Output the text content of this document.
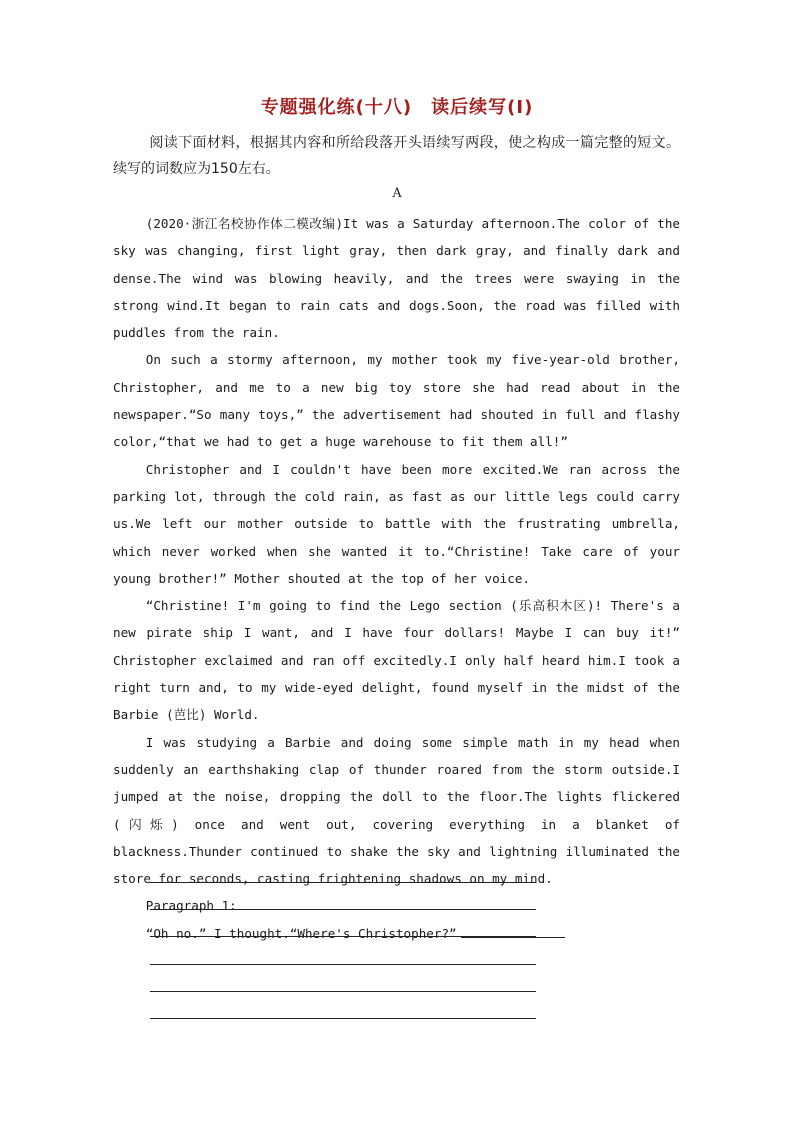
专题强化练(十八)　读后续写(Ⅰ)

阅读下面材料，根据其内容和所给段落开头语续写两段，使之构成一篇完整的短文。续写的词数应为150左右。

A

(2020·浙江名校协作体二模改编)It was a Saturday afternoon.The color of the sky was changing, first light gray, then dark gray, and finally dark and dense.The wind was blowing heavily, and the trees were swaying in the strong wind.It began to rain cats and dogs.Soon, the road was filled with puddles from the rain.

On such a stormy afternoon, my mother took my five-year-old brother, Christopher, and me to a new big toy store she had read about in the newspaper.“So many toys,” the advertisement had shouted in full and flashy color,“that we had to get a huge warehouse to fit them all!”

Christopher and I couldn't have been more excited.We ran across the parking lot, through the cold rain, as fast as our little legs could carry us.We left our mother outside to battle with the frustrating umbrella, which never worked when she wanted it to.“Christine! Take care of your young brother!” Mother shouted at the top of her voice.

“Christine! I'm going to find the Lego section (乐高积木区)! There's a new pirate ship I want, and I have four dollars! Maybe I can buy it!” Christopher exclaimed and ran off excitedly.I only half heard him.I took a right turn and, to my wide-eyed delight, found myself in the midst of the Barbie (芭比) World.

I was studying a Barbie and doing some simple math in my head when suddenly an earthshaking clap of thunder roared from the storm outside.I jumped at the noise, dropping the doll to the floor.The lights flickered (闪烁) once and went out, covering everything in a blanket of blackness.Thunder continued to shake the sky and lightning illuminated the store for seconds, casting frightening shadows on my mind.

Paragraph 1:

“Oh no.” I thought.“Where's Christopher?”
